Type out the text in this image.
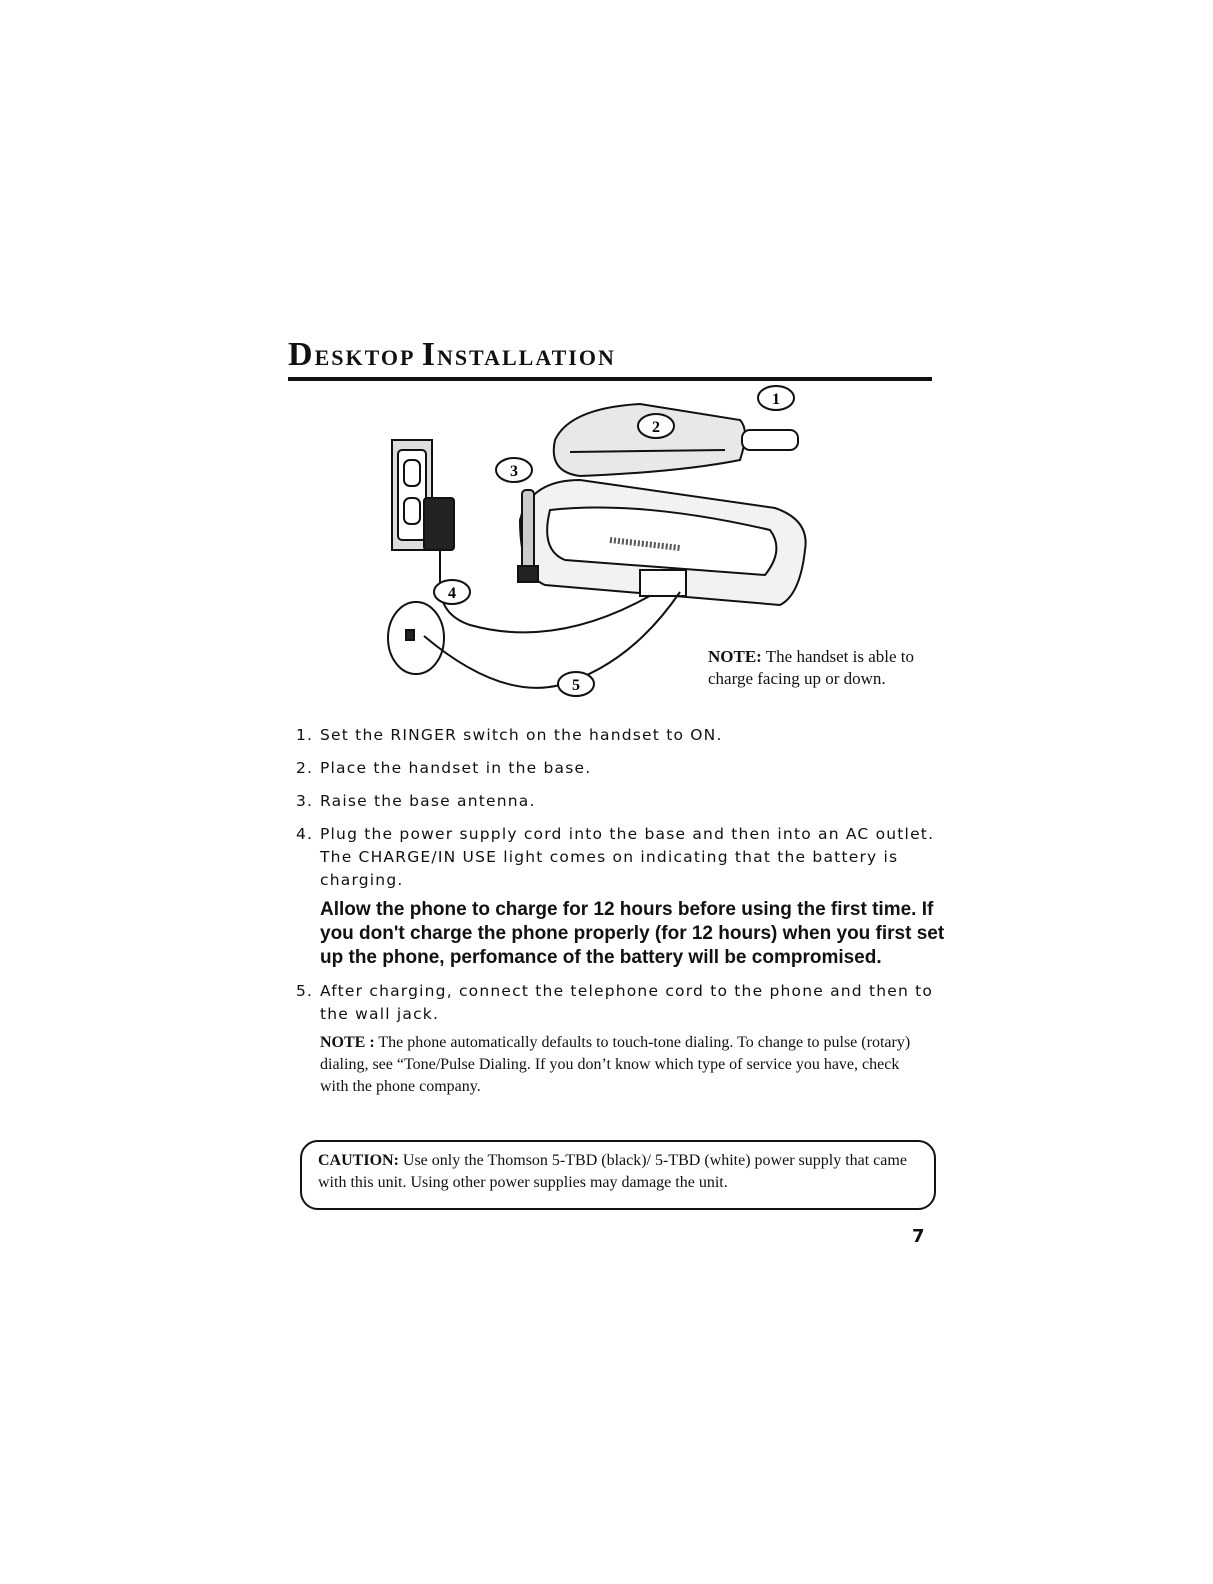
DESKTOP INSTALLATION
1
2
3
4
5
NOTE: The handset is able to charge facing up or down.
1. Set the RINGER switch on the handset to ON.
2. Place the handset in the base.
3. Raise the base antenna.
4. Plug the power supply cord into the base and then into an AC outlet. The CHARGE/IN USE light comes on indicating that the battery is charging.
Allow the phone to charge for 12 hours before using the first time. If you don't charge the phone properly (for 12 hours) when you first set up the phone, perfomance of the battery will be compromised.
5. After charging, connect the telephone cord to the phone and then to the wall jack.
NOTE : The phone automatically defaults to touch-tone dialing. To change to pulse (rotary) dialing, see “Tone/Pulse Dialing. If you don’t know which type of service you have, check with the phone company.
CAUTION: Use only the Thomson 5-TBD (black)/ 5-TBD (white) power supply that came with this unit. Using other power supplies may damage the unit.
7
